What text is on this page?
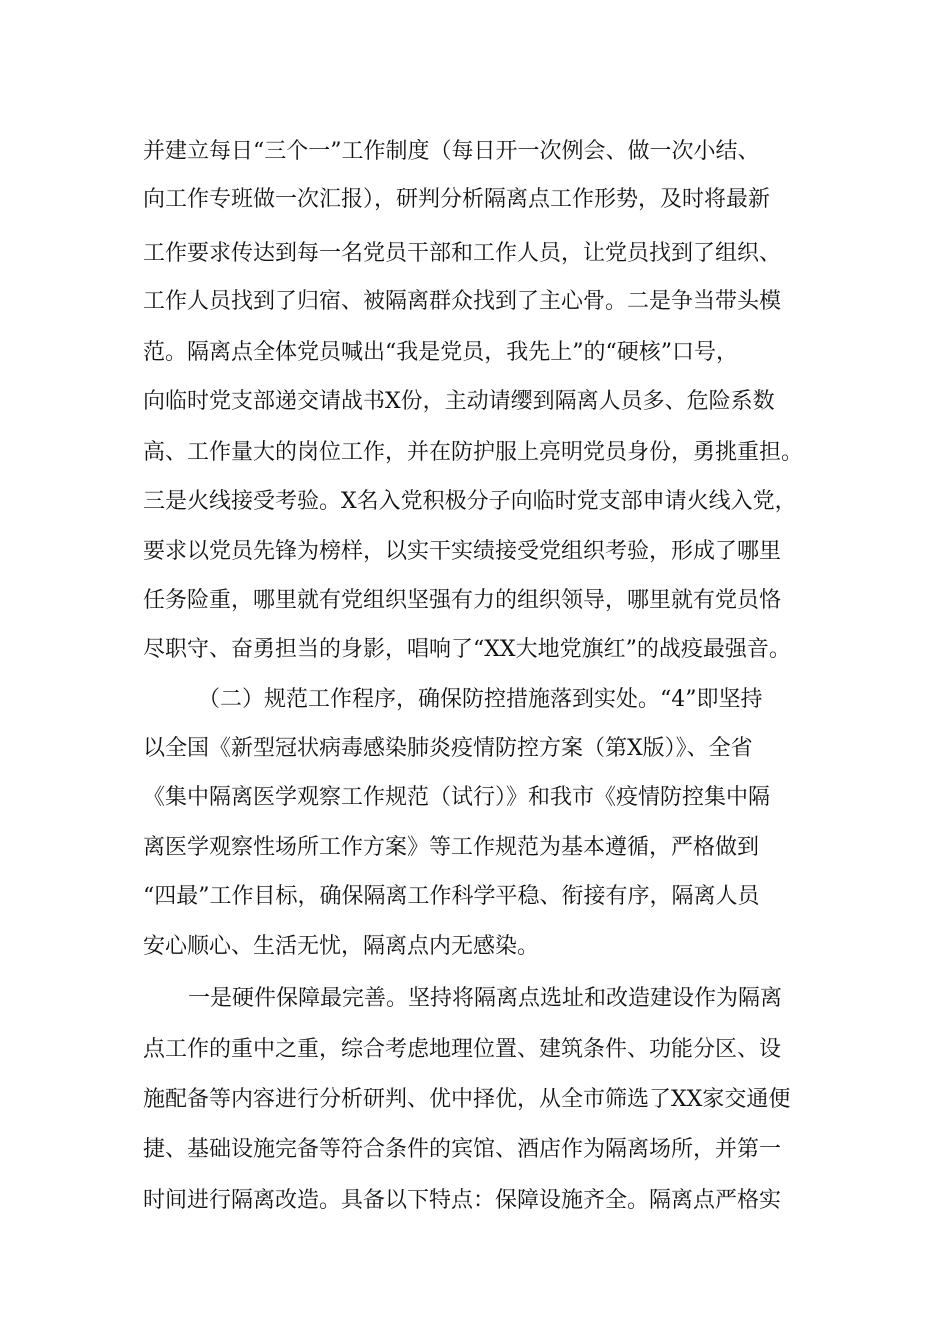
并建立每日“三个一”工作制度（每日开一次例会、做一次小结、
向工作专班做一次汇报），研判分析隔离点工作形势，及时将最新
工作要求传达到每一名党员干部和工作人员，让党员找到了组织、
工作人员找到了归宿、被隔离群众找到了主心骨。二是争当带头模
范。隔离点全体党员喊出“我是党员，我先上”的“硬核”口号，
向临时党支部递交请战书X份，主动请缨到隔离人员多、危险系数
高、工作量大的岗位工作，并在防护服上亮明党员身份，勇挑重担。
三是火线接受考验。X名入党积极分子向临时党支部申请火线入党，
要求以党员先锋为榜样，以实干实绩接受党组织考验，形成了哪里
任务险重，哪里就有党组织坚强有力的组织领导，哪里就有党员恪
尽职守、奋勇担当的身影，唱响了“XX大地党旗红”的战疫最强音。
（二）规范工作程序，确保防控措施落到实处。“4”即坚持
以全国《新型冠状病毒感染肺炎疫情防控方案（第X版）》、全省
《集中隔离医学观察工作规范（试行）》和我市《疫情防控集中隔
离医学观察性场所工作方案》等工作规范为基本遵循，严格做到
“四最”工作目标，确保隔离工作科学平稳、衔接有序，隔离人员
安心顺心、生活无忧，隔离点内无感染。
一是硬件保障最完善。坚持将隔离点选址和改造建设作为隔离
点工作的重中之重，综合考虑地理位置、建筑条件、功能分区、设
施配备等内容进行分析研判、优中择优，从全市筛选了XX家交通便
捷、基础设施完备等符合条件的宾馆、酒店作为隔离场所，并第一
时间进行隔离改造。具备以下特点：保障设施齐全。隔离点严格实
